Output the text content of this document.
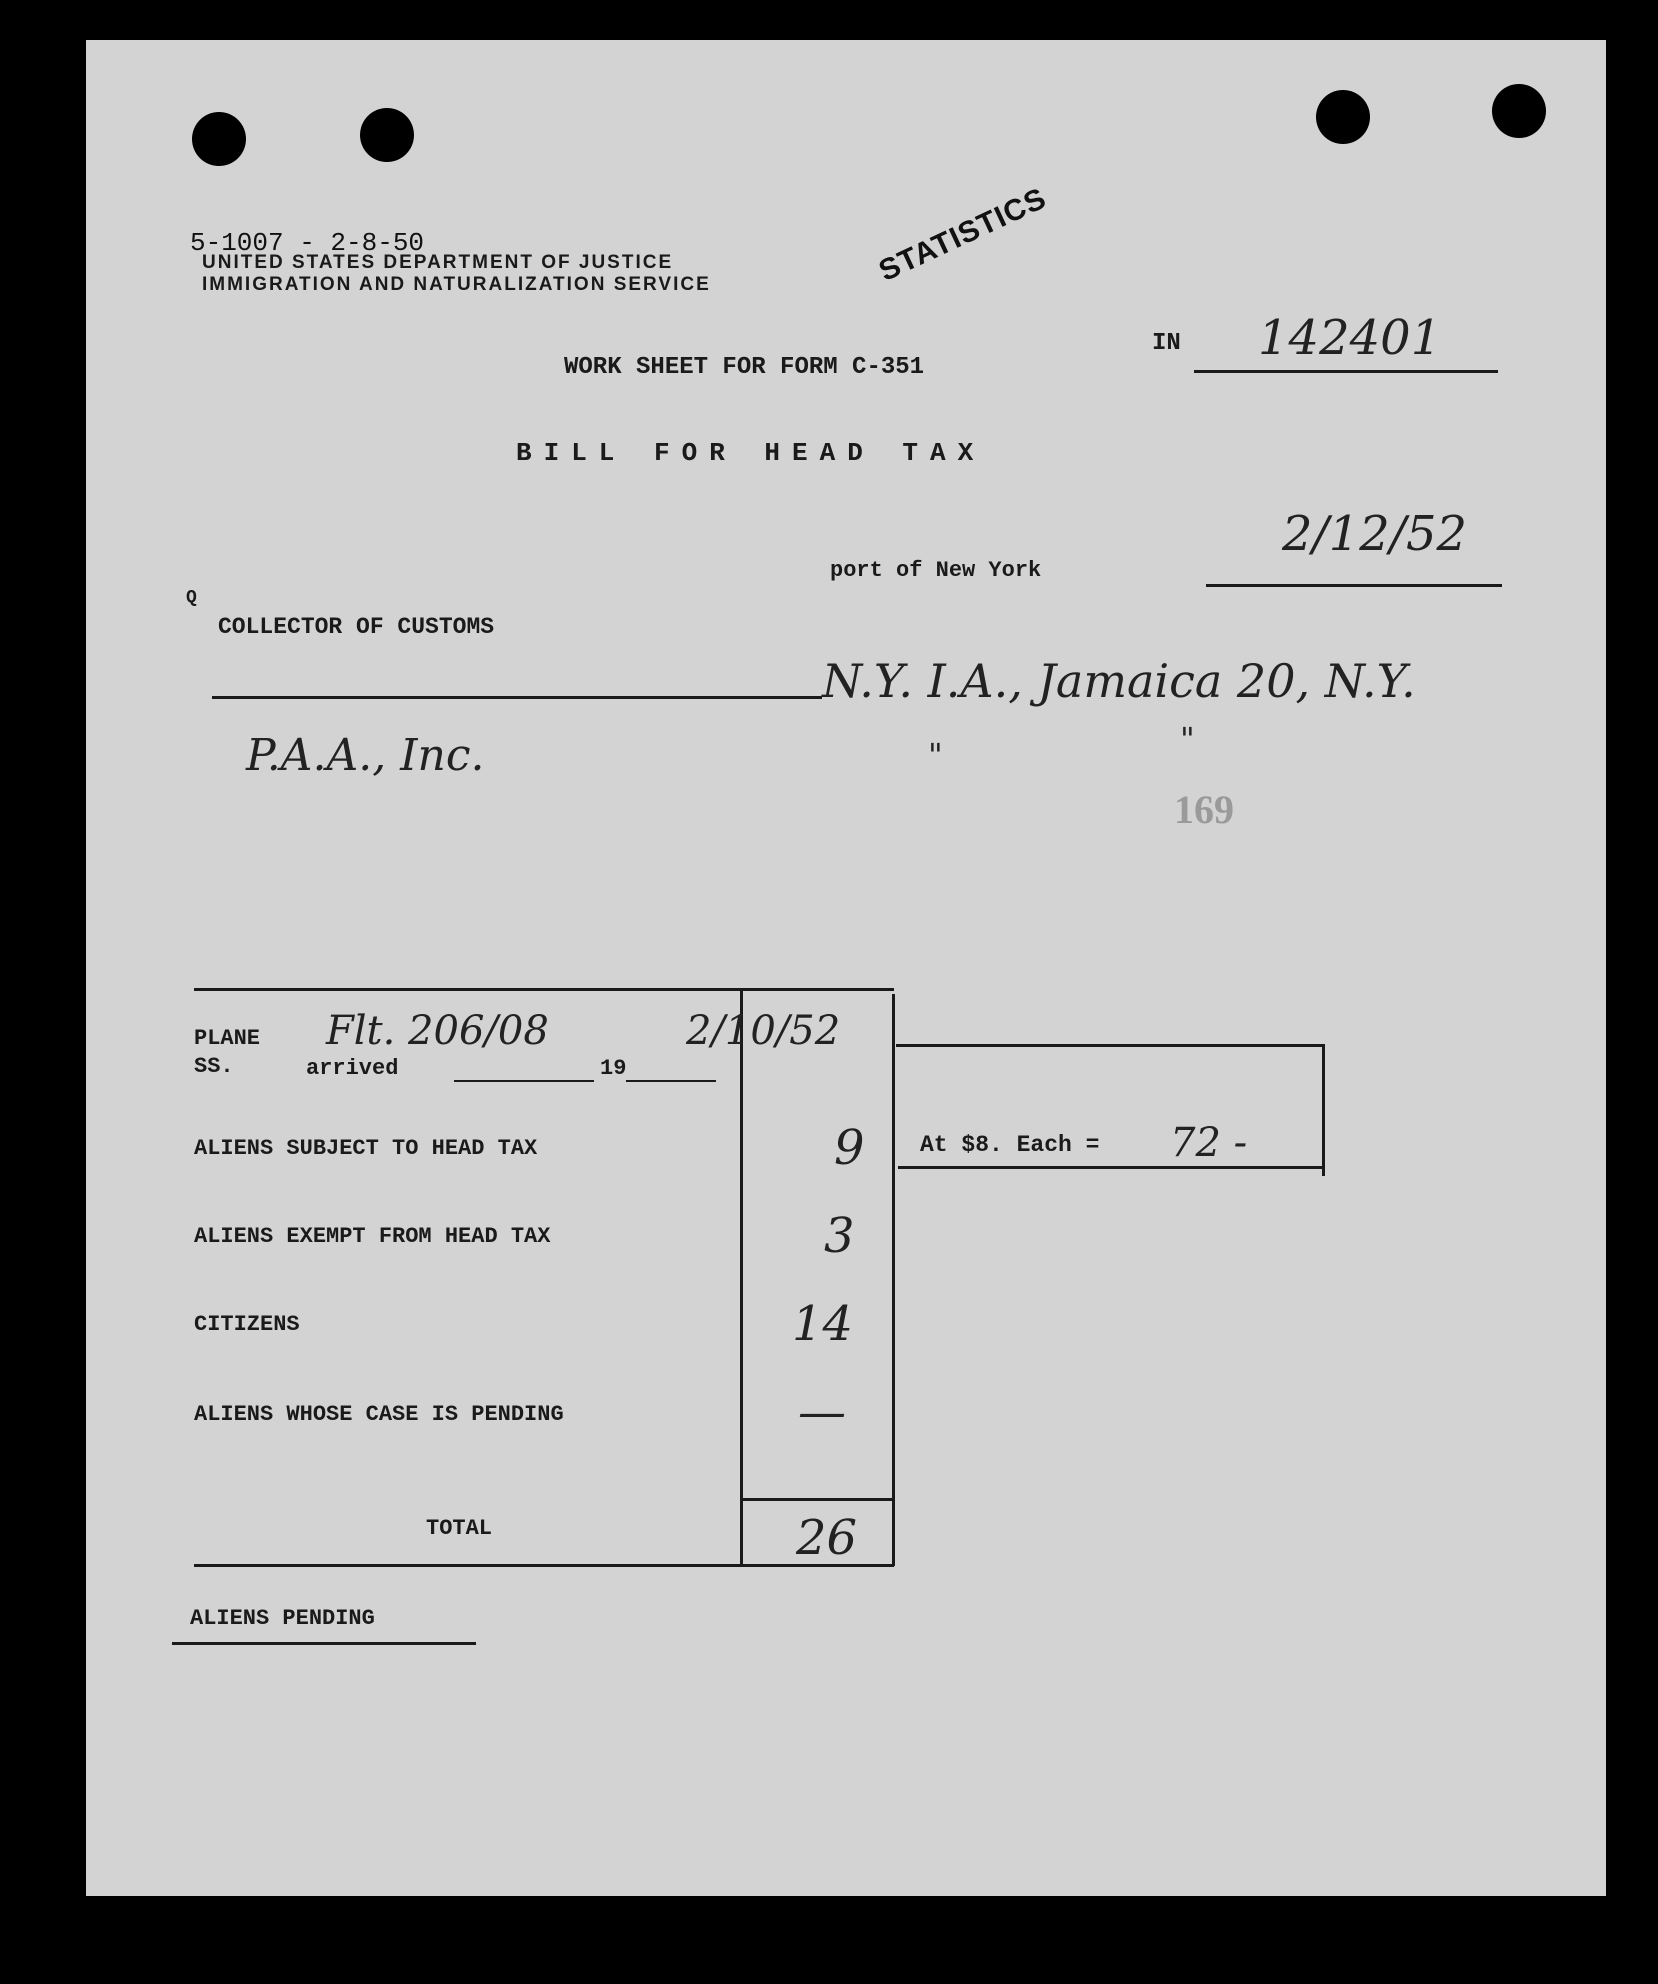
5-1007 - 2-8-50
UNITED STATES DEPARTMENT OF JUSTICE
IMMIGRATION AND NATURALIZATION SERVICE	STATISTICS
IN 142401
WORK SHEET FOR FORM C-351
BILL FOR HEAD TAX
2/12/52
port of New York
Q
COLLECTOR OF CUSTOMS
N.Y. I.A., Jamaica 20, N.Y.
P.A.A., Inc.	"	"
169
PLANE
SS.
Flt. 206/08	2/10/52
arrived	19
ALIENS SUBJECT TO HEAD TAX	9
ALIENS EXEMPT FROM HEAD TAX	3
CITIZENS	14
ALIENS WHOSE CASE IS PENDING	—
TOTAL	26
At $8. Each = 72 -
ALIENS PENDING
